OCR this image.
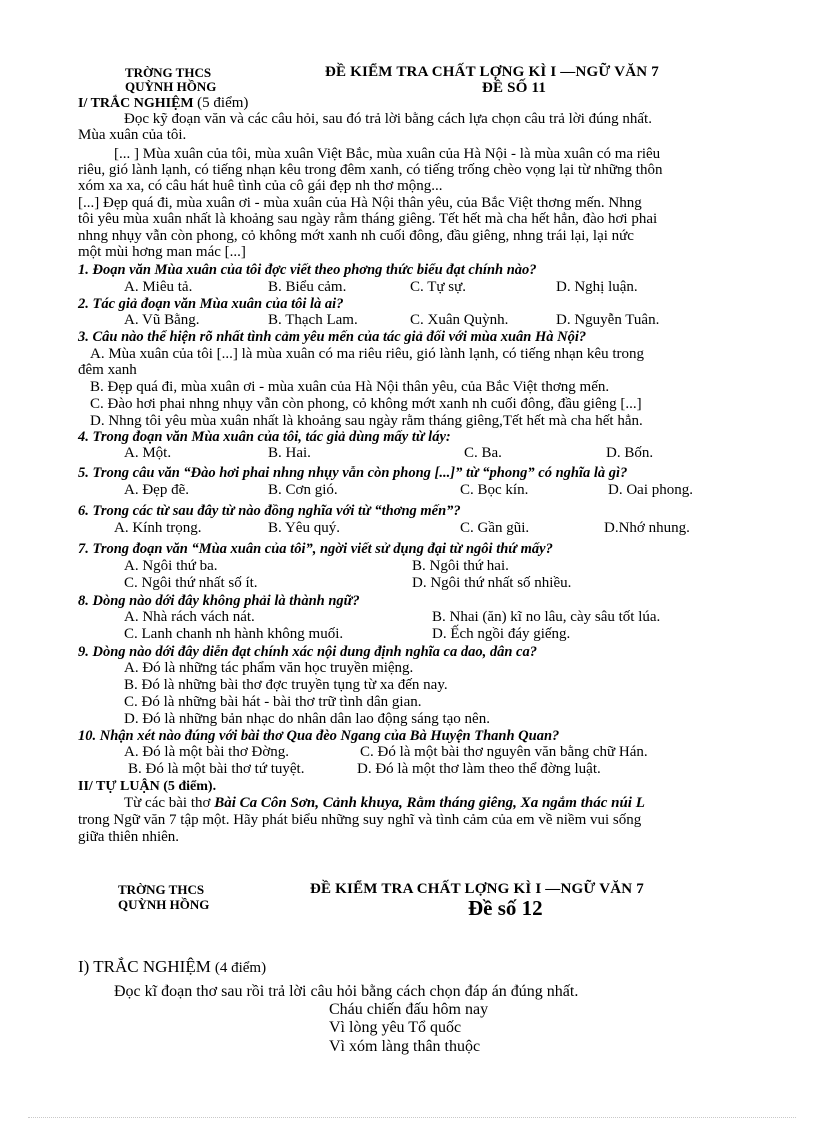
TRỜNG THCS
QUỲNH HỒNG
ĐỀ KIỂM TRA CHẤT LỢNG KÌ I —NGỮ VĂN 7
ĐỀ SỐ 11
I/ TRẮC NGHIỆM (5 điểm)
Đọc kỹ đoạn văn và các câu hỏi, sau đó trả lời bằng cách lựa chọn câu trả lời đúng nhất.
Mùa xuân của tôi.
[... ] Mùa xuân của tôi, mùa xuân Việt Bắc, mùa xuân của Hà Nội - là mùa xuân có ma riêu
riêu, gió lành lạnh, có tiếng nhạn kêu trong đêm xanh, có tiếng trống chèo vọng lại từ những thôn
xóm xa xa, có câu hát huê tình của cô gái đẹp nh thơ mộng...
[...] Đẹp quá đi, mùa xuân ơi - mùa xuân của Hà Nội thân yêu, của Bắc Việt thơng mến. Nhng
tôi yêu mùa xuân nhất là khoảng sau ngày rằm tháng giêng. Tết hết mà cha hết hẳn, đào hơi phai
nhng nhụy vẫn còn phong, cỏ không mớt xanh nh cuối đông, đầu giêng, nhng trái lại, lại nức
một mùi hơng man mác [...]
1. Đoạn văn Mùa xuân của tôi đợc viết theo phơng thức biểu đạt chính nào?
A. Miêu tả.	B. Biểu cảm.	C. Tự sự.	D. Nghị luận.
2. Tác giả đoạn văn Mùa xuân của tôi là ai?
A. Vũ Bằng.	B. Thạch Lam.	C. Xuân Quỳnh.	D. Nguyễn Tuân.
3. Câu nào thể hiện rõ nhất tình cảm yêu mến của tác giả đối với mùa xuân Hà Nội?
A. Mùa xuân của tôi [...] là mùa xuân có ma riêu riêu, gió lành lạnh, có tiếng nhạn kêu trong
đêm xanh
B. Đẹp quá đi, mùa xuân ơi - mùa xuân của Hà Nội thân yêu, của Bắc Việt thơng mến.
C. Đào hơi phai nhng nhụy vẫn còn phong, cỏ không mớt xanh nh cuối đông, đầu giêng [...]
D. Nhng tôi yêu mùa xuân nhất là khoảng sau ngày rằm tháng giêng,Tết hết mà cha hết hẳn.
4. Trong đoạn văn Mùa xuân của tôi, tác giả dùng mấy từ láy:
A. Một.	B. Hai.	C. Ba.	D. Bốn.
5. Trong câu văn “Đào hơi phai nhng nhụy vẫn còn phong [...]” từ “phong” có nghĩa là gì?
A. Đẹp đẽ.	B. Cơn gió.	C. Bọc kín.	D. Oai phong.
6. Trong các từ sau đây từ nào đồng nghĩa với từ “thơng mến”?
A. Kính trọng.	B. Yêu quý.	C. Gần gũi.	D.Nhớ nhung.
7. Trong đoạn văn “Mùa xuân của tôi”, ngời viết sử dụng đại từ ngôi thứ mấy?
A. Ngôi thứ ba.	B. Ngôi thứ hai.
C. Ngôi thứ nhất số ít.	D. Ngôi thứ nhất số nhiều.
8. Dòng nào dới đây không phải là thành ngữ?
A. Nhà rách vách nát.	B. Nhai (ăn) kĩ no lâu, cày sâu tốt lúa.
C. Lanh chanh nh hành không muối.	D. Ếch ngồi đáy giếng.
9. Dòng nào dới đây diễn đạt chính xác nội dung định nghĩa ca dao, dân ca?
A. Đó là những tác phẩm văn học truyền miệng.
B. Đó là những bài thơ đợc truyền tụng từ xa đến nay.
C. Đó là những bài hát - bài thơ trữ tình dân gian.
D. Đó là những bản nhạc do nhân dân lao động sáng tạo nên.
10. Nhận xét nào đúng với bài thơ Qua đèo Ngang của Bà Huyện Thanh Quan?
A. Đó là một bài thơ Đờng.	C. Đó là một bài thơ nguyên văn bằng chữ Hán.
B. Đó là một bài thơ tứ tuyệt.	D. Đó là một thơ làm theo thể đờng luật.
II/ TỰ LUẬN (5 điểm).
Từ các bài thơ Bài Ca Côn Sơn, Cảnh khuya, Rằm tháng giêng, Xa ngắm thác núi L
trong Ngữ văn 7 tập một. Hãy phát biểu những suy nghĩ và tình cảm của em về niềm vui sống
giữa thiên nhiên.
TRỜNG THCS
QUỲNH HỒNG
ĐỀ KIỂM TRA CHẤT LỢNG KÌ I —NGỮ VĂN 7
Đề số 12
I) TRẮC NGHIỆM (4 điểm)
Đọc kĩ đoạn thơ sau rồi trả lời câu hỏi bằng cách chọn đáp án đúng nhất.
Cháu chiến đấu hôm nay
Vì lòng yêu Tổ quốc
Vì xóm làng thân thuộc
